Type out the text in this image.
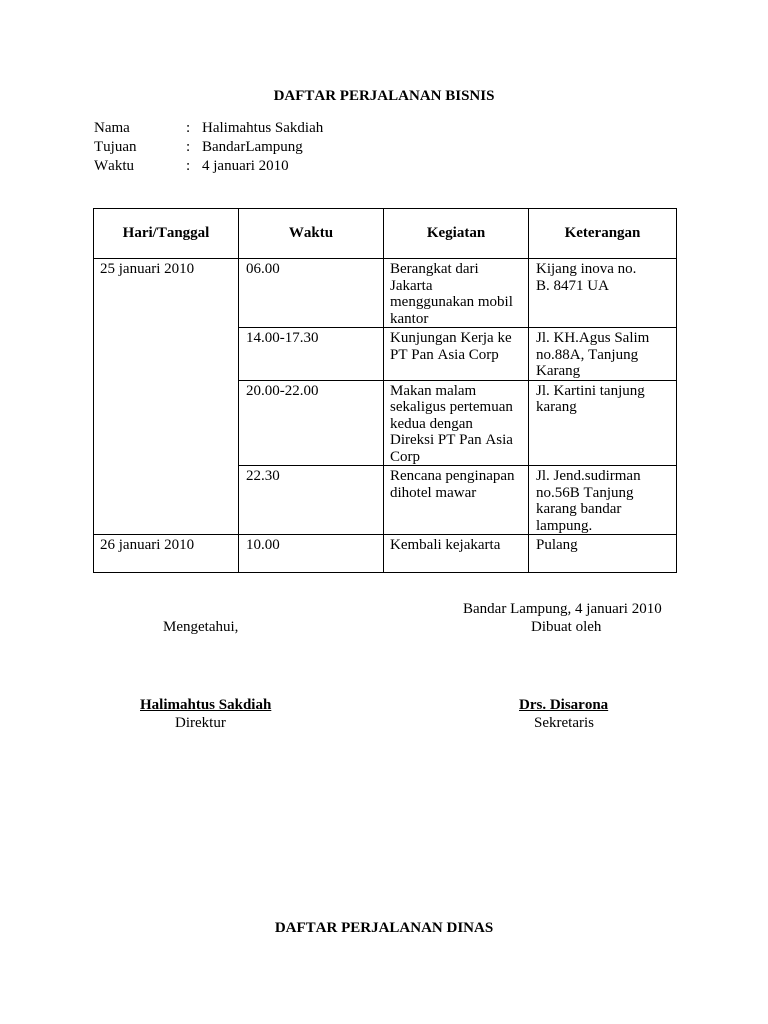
DAFTAR PERJALANAN BISNIS
Nama	: Halimahtus Sakdiah
Tujuan	: BandarLampung
Waktu	: 4 januari 2010
Hari/Tanggal	Waktu	Kegiatan	Keterangan
25 januari 2010	06.00	Berangkat dari Jakarta menggunakan mobil kantor	Kijang inova no. B. 8471 UA

	14.00-17.30	Kunjungan Kerja ke PT Pan Asia Corp	Jl. KH.Agus Salim no.88A, Tanjung Karang

	20.00-22.00	Makan malam sekaligus pertemuan kedua dengan Direksi PT Pan Asia Corp	Jl. Kartini tanjung karang

	22.30	Rencana penginapan dihotel mawar	Jl. Jend.sudirman no.56B Tanjung karang bandar lampung.

26 januari 2010	10.00	Kembali kejakarta	Pulang
Bandar Lampung, 4 januari 2010
Mengetahui,	Dibuat oleh
Halimahtus Sakdiah	Drs. Disarona
Direktur	Sekretaris
DAFTAR PERJALANAN DINAS
